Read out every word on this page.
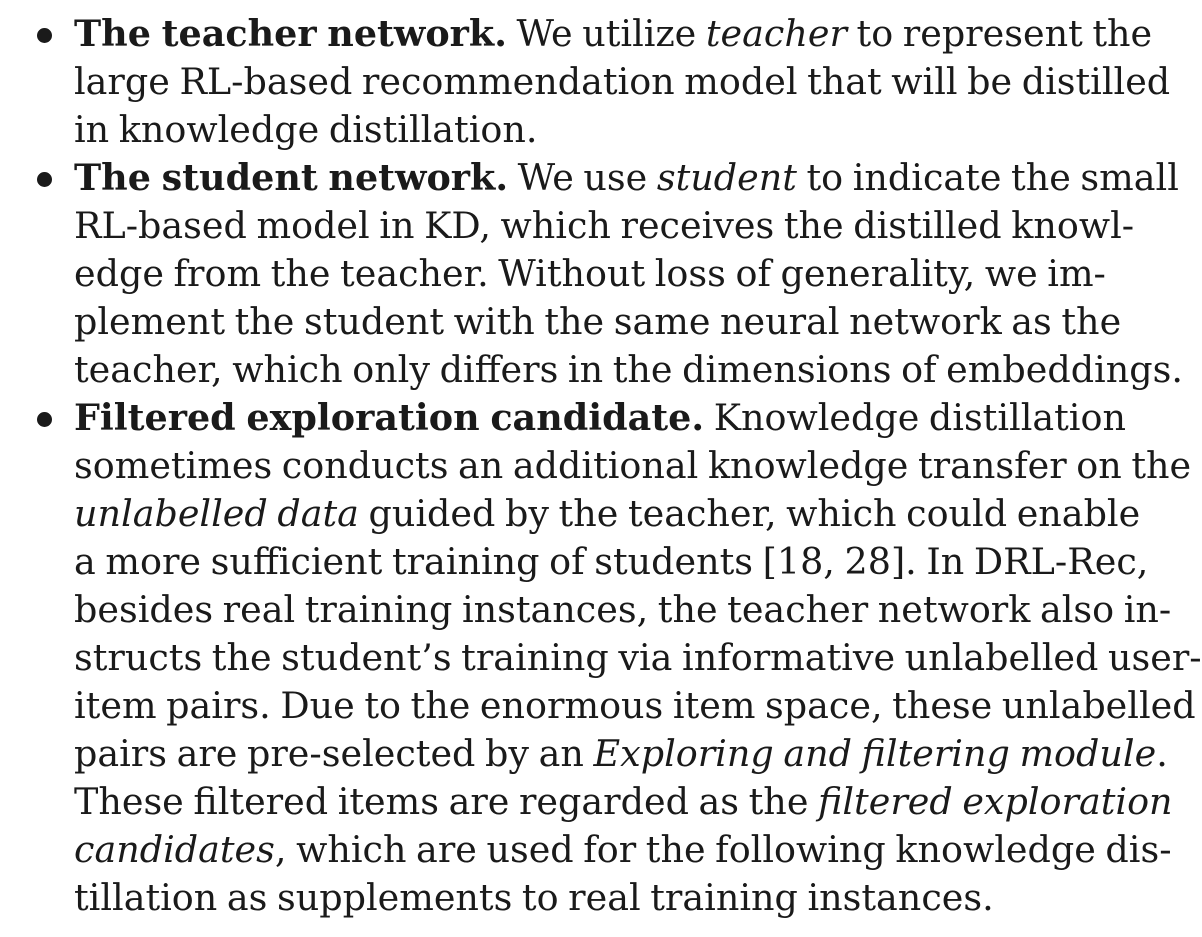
The teacher network. We utilize teacher to represent the
large RL-based recommendation model that will be distilled
in knowledge distillation.
The student network. We use student to indicate the small
RL-based model in KD, which receives the distilled knowl-
edge from the teacher. Without loss of generality, we im-
plement the student with the same neural network as the
teacher, which only differs in the dimensions of embeddings.
Filtered exploration candidate. Knowledge distillation
sometimes conducts an additional knowledge transfer on the
unlabelled data guided by the teacher, which could enable
a more sufficient training of students [18, 28]. In DRL-Rec,
besides real training instances, the teacher network also in-
structs the student’s training via informative unlabelled user-
item pairs. Due to the enormous item space, these unlabelled
pairs are pre-selected by an Exploring and filtering module.
These filtered items are regarded as the filtered exploration
candidates, which are used for the following knowledge dis-
tillation as supplements to real training instances.
